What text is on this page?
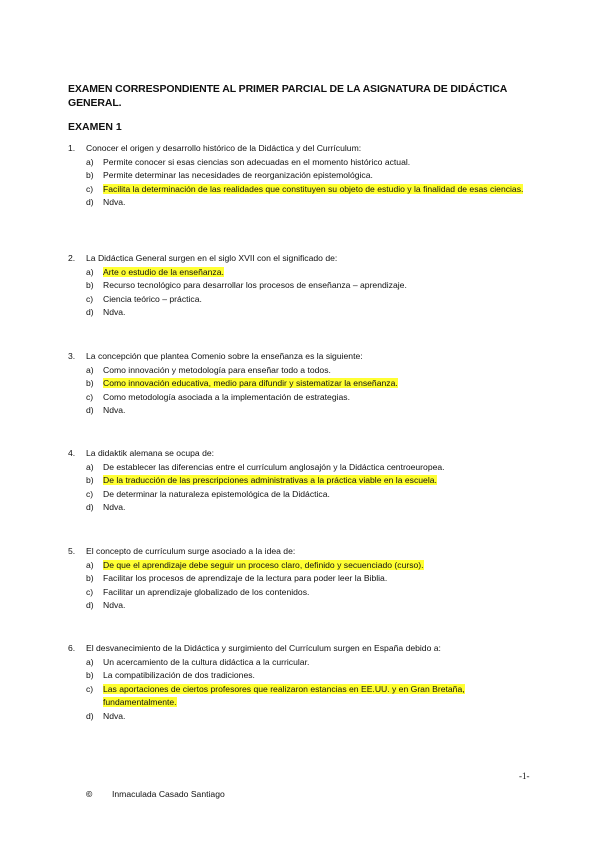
EXAMEN CORRESPONDIENTE AL PRIMER PARCIAL DE LA ASIGNATURA DE DIDÁCTICA GENERAL.
EXAMEN 1
1.	Conocer el origen y desarrollo histórico de la Didáctica y del Currículum:
a)	Permite conocer si esas ciencias son adecuadas en el momento histórico actual.
b)	Permite determinar las necesidades de reorganización epistemológica.
c)	Facilita la determinación de las realidades que constituyen su objeto de estudio y la finalidad de esas ciencias.
d)	Ndva.
2.	La Didáctica General surgen en el siglo XVII con el significado de:
a)	Arte o estudio de la enseñanza.
b)	Recurso tecnológico para desarrollar los procesos de enseñanza – aprendizaje.
c)	Ciencia teórico – práctica.
d)	Ndva.
3.	La concepción que plantea Comenio sobre la enseñanza es la siguiente:
a)	Como innovación y metodología para enseñar todo a todos.
b)	Como innovación educativa, medio para difundir y sistematizar la enseñanza.
c)	Como metodología asociada a la implementación de estrategias.
d)	Ndva.
4.	La didaktik alemana se ocupa de:
a)	De establecer las diferencias entre el currículum anglosajón y la Didáctica centroeuropea.
b)	De la traducción de las prescripciones administrativas a la práctica viable en la escuela.
c)	De determinar la naturaleza epistemológica de la Didáctica.
d)	Ndva.
5.	El concepto de currículum surge asociado a la idea de:
a)	De que el aprendizaje debe seguir un proceso claro, definido y secuenciado (curso).
b)	Facilitar los procesos de aprendizaje de la lectura para poder leer la Biblia.
c)	Facilitar un aprendizaje globalizado de los contenidos.
d)	Ndva.
6.	El desvanecimiento de la Didáctica y surgimiento del Currículum surgen en España debido a:
a)	Un acercamiento de la cultura didáctica a la curricular.
b)	La compatibilización de dos tradiciones.
c)	Las aportaciones de ciertos profesores que realizaron estancias en EE.UU. y en Gran Bretaña, fundamentalmente.
d)	Ndva.
-1-
©	Inmaculada Casado Santiago
